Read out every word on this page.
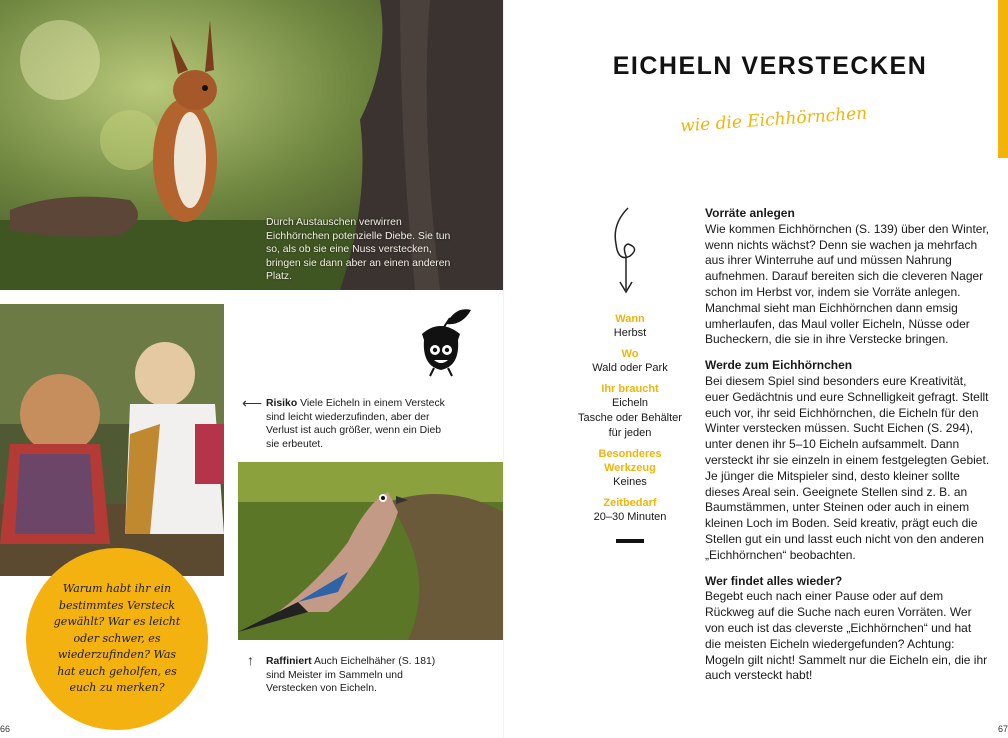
Durch Austauschen verwirren Eichhörnchen potenzielle Diebe. Sie tun so, als ob sie eine Nuss verstecken, bringen sie dann aber an einen anderen Platz.
⟵ Risiko Viele Eicheln in einem Versteck sind leicht wiederzufinden, aber der Verlust ist auch größer, wenn ein Dieb sie erbeutet.
↑ Raffiniert Auch Eichelhäher (S. 181) sind Meister im Sammeln und Verstecken von Eicheln.
Warum habt ihr ein bestimmtes Versteck gewählt? War es leicht oder schwer, es wiederzufinden? Was hat euch geholfen, es euch zu merken?
66
EICHELN VERSTECKEN
wie die Eichhörnchen
Wann
Herbst
Wo
Wald oder Park
Ihr braucht
Eicheln
Tasche oder Behälter
für jeden
Besonderes
Werkzeug
Keines
Zeitbedarf
20–30 Minuten
Vorräte anlegen

Wie kommen Eichhörnchen (S. 139) über den Winter, wenn nichts wächst? Denn sie wachen ja mehrfach aus ihrer Winterruhe auf und müssen Nahrung aufnehmen. Darauf bereiten sich die cleveren Nager schon im Herbst vor, indem sie Vorräte anlegen. Manchmal sieht man Eichhörnchen dann emsig umherlaufen, das Maul voller Eicheln, Nüsse oder Bucheckern, die sie in ihre Verstecke bringen.

Werde zum Eichhörnchen

Bei diesem Spiel sind besonders eure Kreativität, euer Gedächtnis und eure Schnelligkeit gefragt. Stellt euch vor, ihr seid Eichhörnchen, die Eicheln für den Winter verstecken müssen. Sucht Eichen (S. 294), unter denen ihr 5–10 Eicheln aufsammelt. Dann versteckt ihr sie einzeln in einem festgelegten Gebiet. Je jünger die Mitspieler sind, desto kleiner sollte dieses Areal sein. Geeignete Stellen sind z. B. an Baumstämmen, unter Steinen oder auch in einem kleinen Loch im Boden. Seid kreativ, prägt euch die Stellen gut ein und lasst euch nicht von den anderen „Eichhörnchen“ beobachten.

Wer findet alles wieder?

Begebt euch nach einer Pause oder auf dem Rückweg auf die Suche nach euren Vorräten. Wer von euch ist das cleverste „Eichhörnchen“ und hat die meisten Eicheln wiedergefunden? Achtung: Mogeln gilt nicht! Sammelt nur die Eicheln ein, die ihr auch versteckt habt!

67
